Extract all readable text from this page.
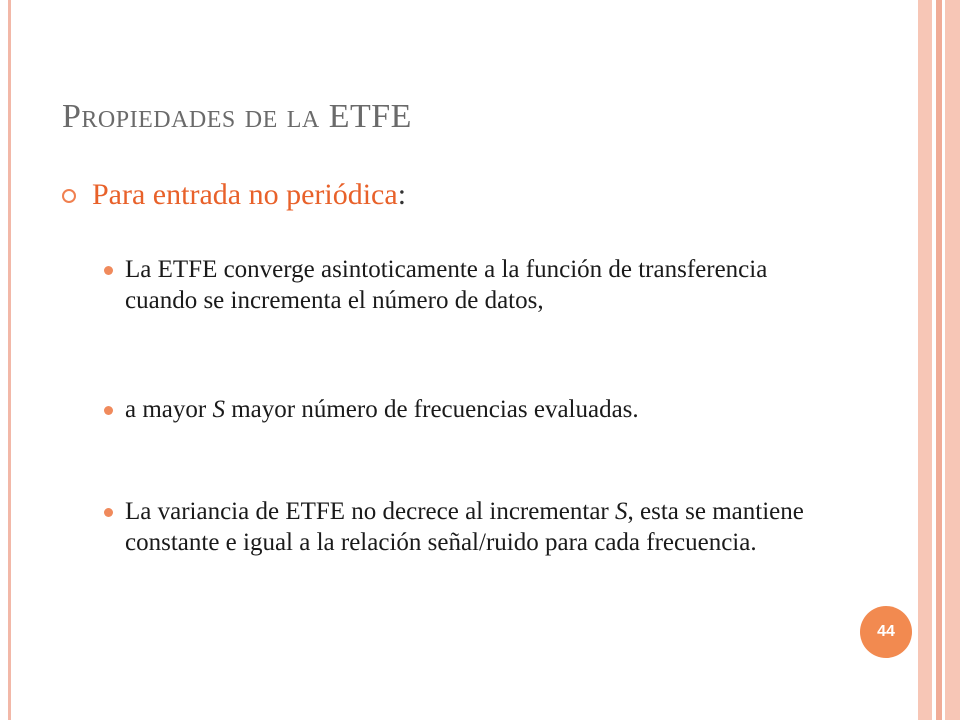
Propiedades de la ETFE
Para entrada no periódica :
La ETFE converge asintoticamente a la función de transferencia cuando se incrementa el número de datos,
a mayor S mayor número de frecuencias evaluadas.
La variancia de ETFE no decrece al incrementar S, esta se mantiene constante e igual a la relación señal/ruido para cada frecuencia.
44
